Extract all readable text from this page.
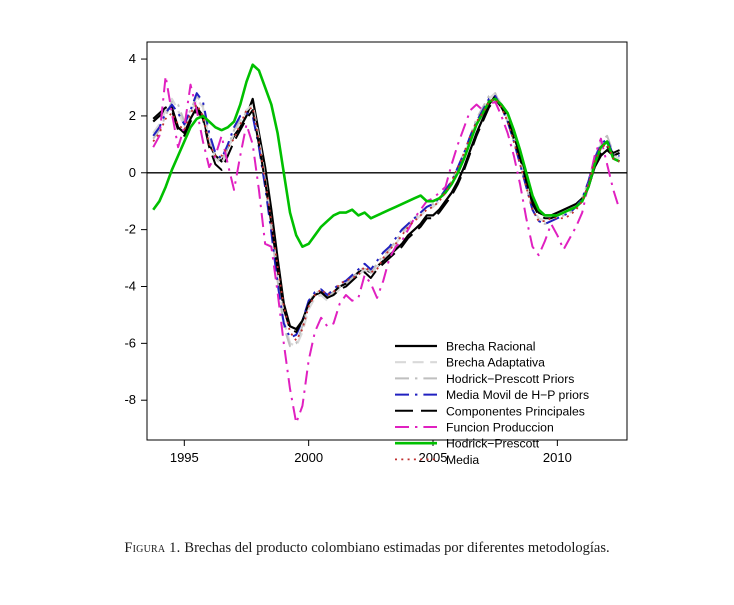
-8
-6
-4
-2
0
2
4
1995	2000	2005	2010
Brecha Racional
Brecha Adaptativa
Hodrick−Prescott Priors
Media Movil de H−P priors
Componentes Principales
Funcion Produccion
Hodrick−Prescott
Media
Figura 1. Brechas del producto colombiano estimadas por diferentes metodologías.
